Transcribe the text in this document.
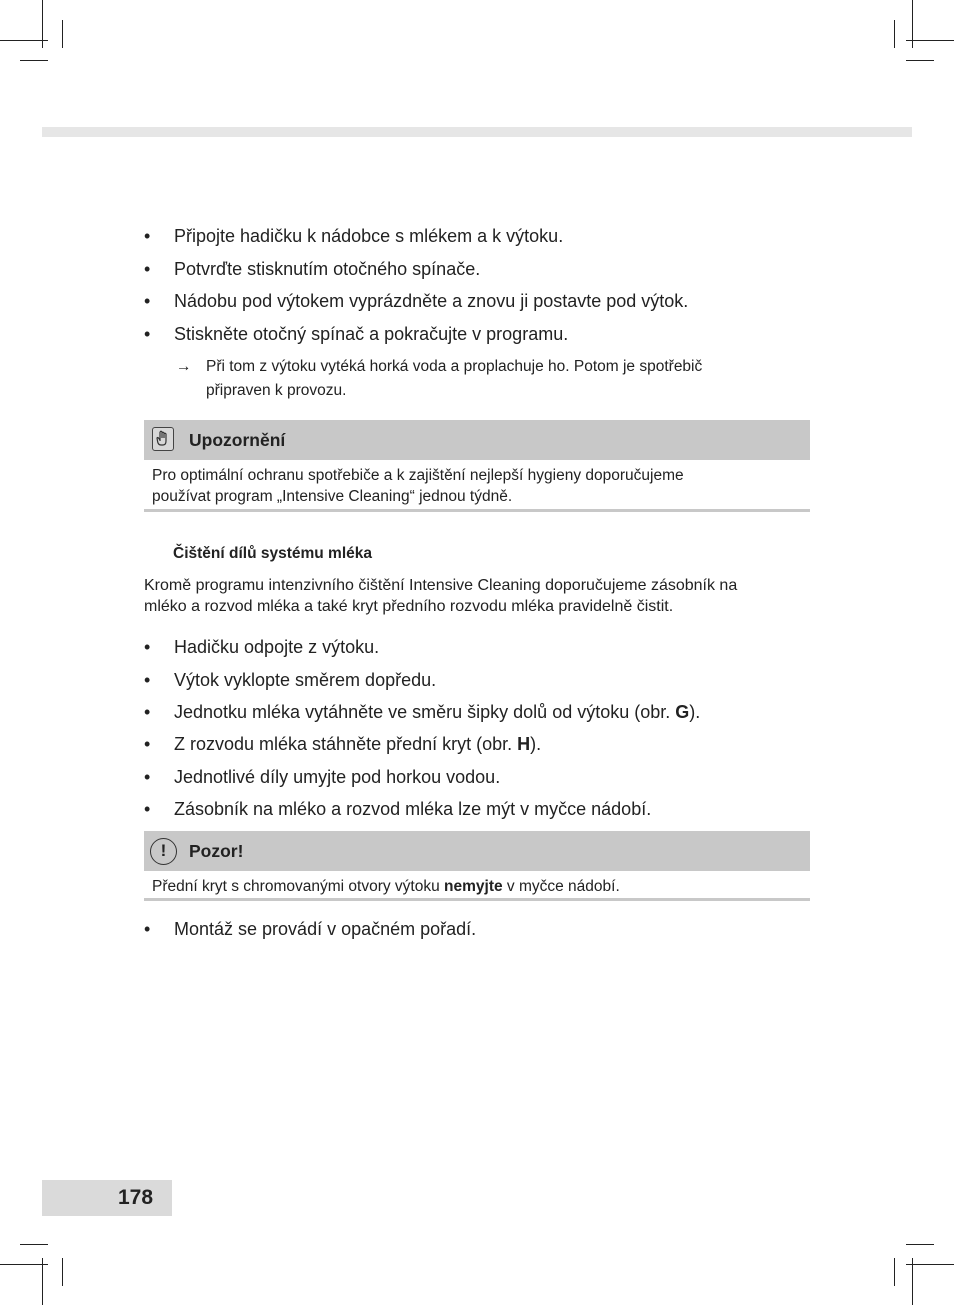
• Připojte hadičku k nádobce s mlékem a k výtoku.
• Potvrďte stisknutím otočného spínače.
• Nádobu pod výtokem vyprázdněte a znovu ji postavte pod výtok.
• Stiskněte otočný spínač a pokračujte v programu.
→ Při tom z výtoku vytéká horká voda a proplachuje ho. Potom je spotřebič
připraven k provozu.
Upozornění
Pro optimální ochranu spotřebiče a k zajištění nejlepší hygieny doporučujeme
používat program „Intensive Cleaning“ jednou týdně.
Čištění dílů systému mléka
Kromě programu intenzivního čištění Intensive Cleaning doporučujeme zásobník na
mléko a rozvod mléka a také kryt předního rozvodu mléka pravidelně čistit.
• Hadičku odpojte z výtoku.
• Výtok vyklopte směrem dopředu.
• Jednotku mléka vytáhněte ve směru šipky dolů od výtoku (obr. G).
• Z rozvodu mléka stáhněte přední kryt (obr. H).
• Jednotlivé díly umyjte pod horkou vodou.
• Zásobník na mléko a rozvod mléka lze mýt v myčce nádobí.
!	Pozor!
Přední kryt s chromovanými otvory výtoku nemyjte v myčce nádobí.
• Montáž se provádí v opačném pořadí.
178
